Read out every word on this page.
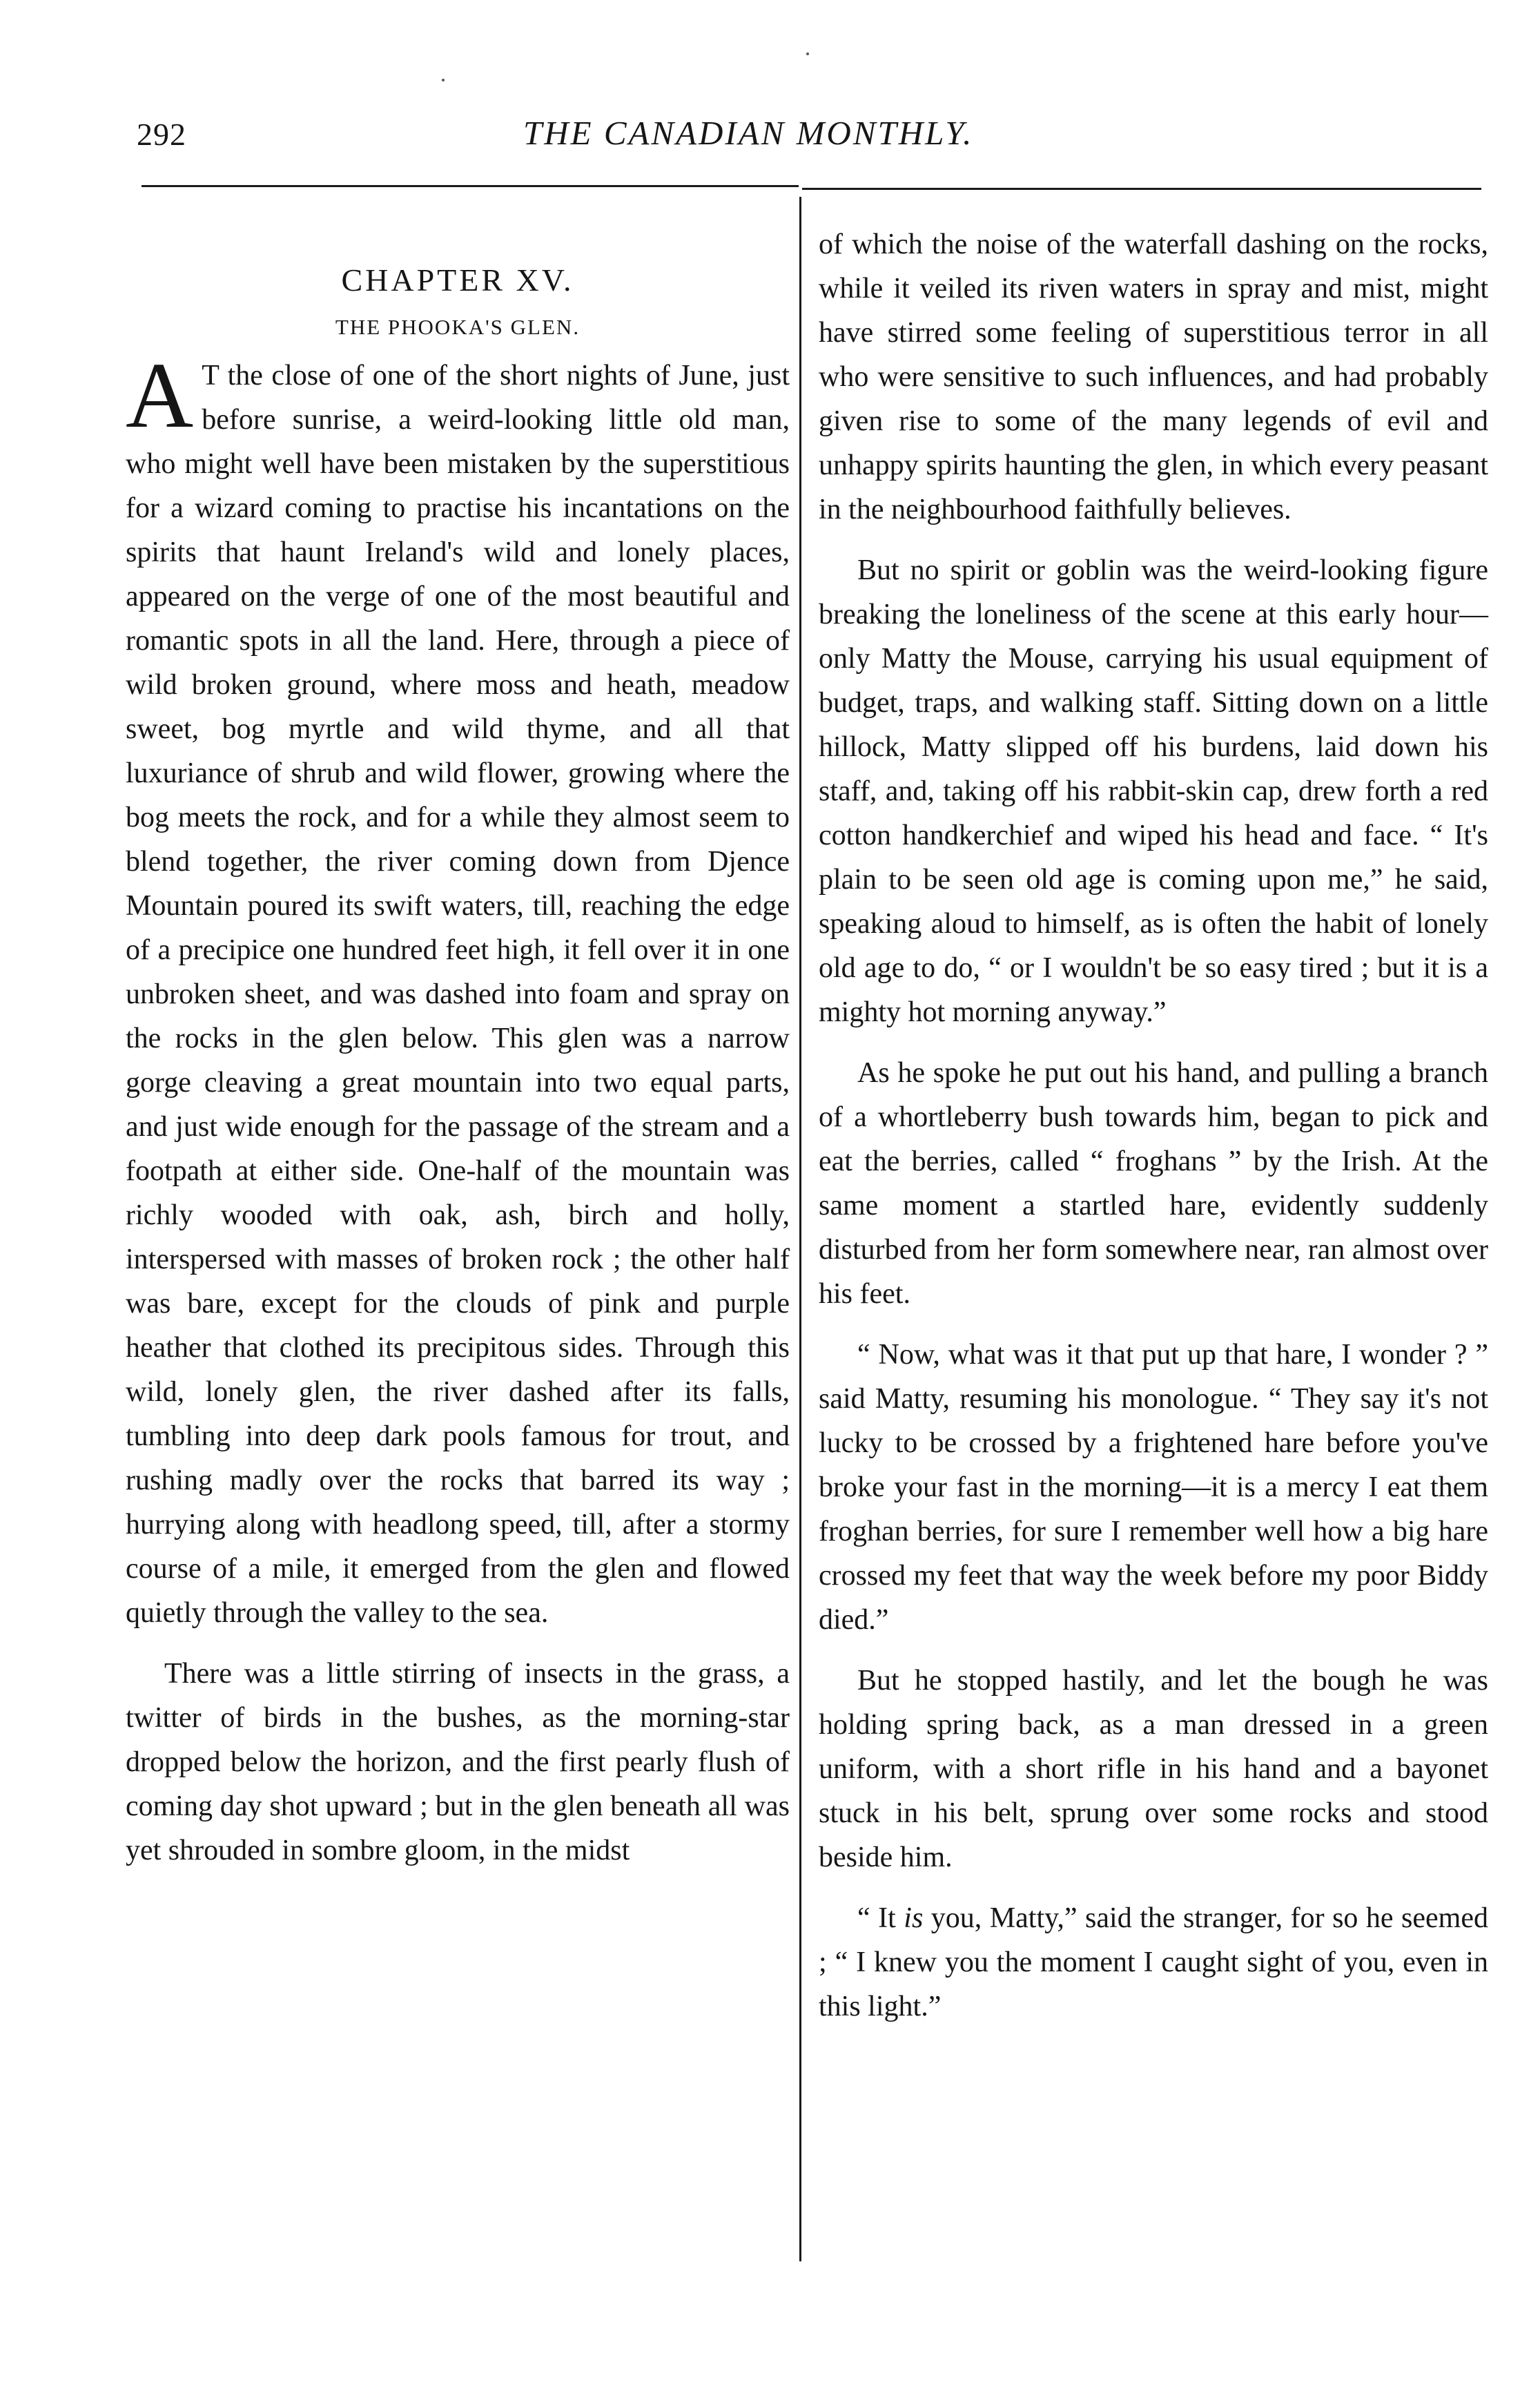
292	THE CANADIAN MONTHLY.
CHAPTER XV.
THE PHOOKA'S GLEN.

A T the close of one of the short nights of June, just before sunrise, a weird-looking little old man, who might well have been mistaken by the superstitious for a wizard coming to practise his incantations on the spirits that haunt Ireland's wild and lonely places, appeared on the verge of one of the most beautiful and romantic spots in all the land. Here, through a piece of wild broken ground, where moss and heath, meadow sweet, bog myrtle and wild thyme, and all that luxuriance of shrub and wild flower, growing where the bog meets the rock, and for a while they almost seem to blend together, the river coming down from Djence Mountain poured its swift waters, till, reaching the edge of a precipice one hundred feet high, it fell over it in one unbroken sheet, and was dashed into foam and spray on the rocks in the glen below. This glen was a narrow gorge cleaving a great mountain into two equal parts, and just wide enough for the passage of the stream and a footpath at either side. One-half of the mountain was richly wooded with oak, ash, birch and holly, interspersed with masses of broken rock ; the other half was bare, except for the clouds of pink and purple heather that clothed its precipitous sides. Through this wild, lonely glen, the river dashed after its falls, tumbling into deep dark pools famous for trout, and rushing madly over the rocks that barred its way ; hurrying along with headlong speed, till, after a stormy course of a mile, it emerged from the glen and flowed quietly through the valley to the sea.

There was a little stirring of insects in the grass, a twitter of birds in the bushes, as the morning-star dropped below the horizon, and the first pearly flush of coming day shot upward ; but in the glen beneath all was yet shrouded in sombre gloom, in the midst

of which the noise of the waterfall dashing on the rocks, while it veiled its riven waters in spray and mist, might have stirred some feeling of superstitious terror in all who were sensitive to such influences, and had probably given rise to some of the many legends of evil and unhappy spirits haunting the glen, in which every peasant in the neighbourhood faithfully believes.

But no spirit or goblin was the weird-looking figure breaking the loneliness of the scene at this early hour—only Matty the Mouse, carrying his usual equipment of budget, traps, and walking staff. Sitting down on a little hillock, Matty slipped off his burdens, laid down his staff, and, taking off his rabbit-skin cap, drew forth a red cotton handkerchief and wiped his head and face. “ It's plain to be seen old age is coming upon me,” he said, speaking aloud to himself, as is often the habit of lonely old age to do, “ or I wouldn't be so easy tired ; but it is a mighty hot morning anyway.”

As he spoke he put out his hand, and pulling a branch of a whortleberry bush towards him, began to pick and eat the berries, called “ froghans ” by the Irish. At the same moment a startled hare, evidently suddenly disturbed from her form somewhere near, ran almost over his feet.

“ Now, what was it that put up that hare, I wonder ? ” said Matty, resuming his monologue. “ They say it's not lucky to be crossed by a frightened hare before you've broke your fast in the morning—it is a mercy I eat them froghan berries, for sure I remember well how a big hare crossed my feet that way the week before my poor Biddy died.”

But he stopped hastily, and let the bough he was holding spring back, as a man dressed in a green uniform, with a short rifle in his hand and a bayonet stuck in his belt, sprung over some rocks and stood beside him.

“ It is you, Matty,” said the stranger, for so he seemed ; “ I knew you the moment I caught sight of you, even in this light.”
